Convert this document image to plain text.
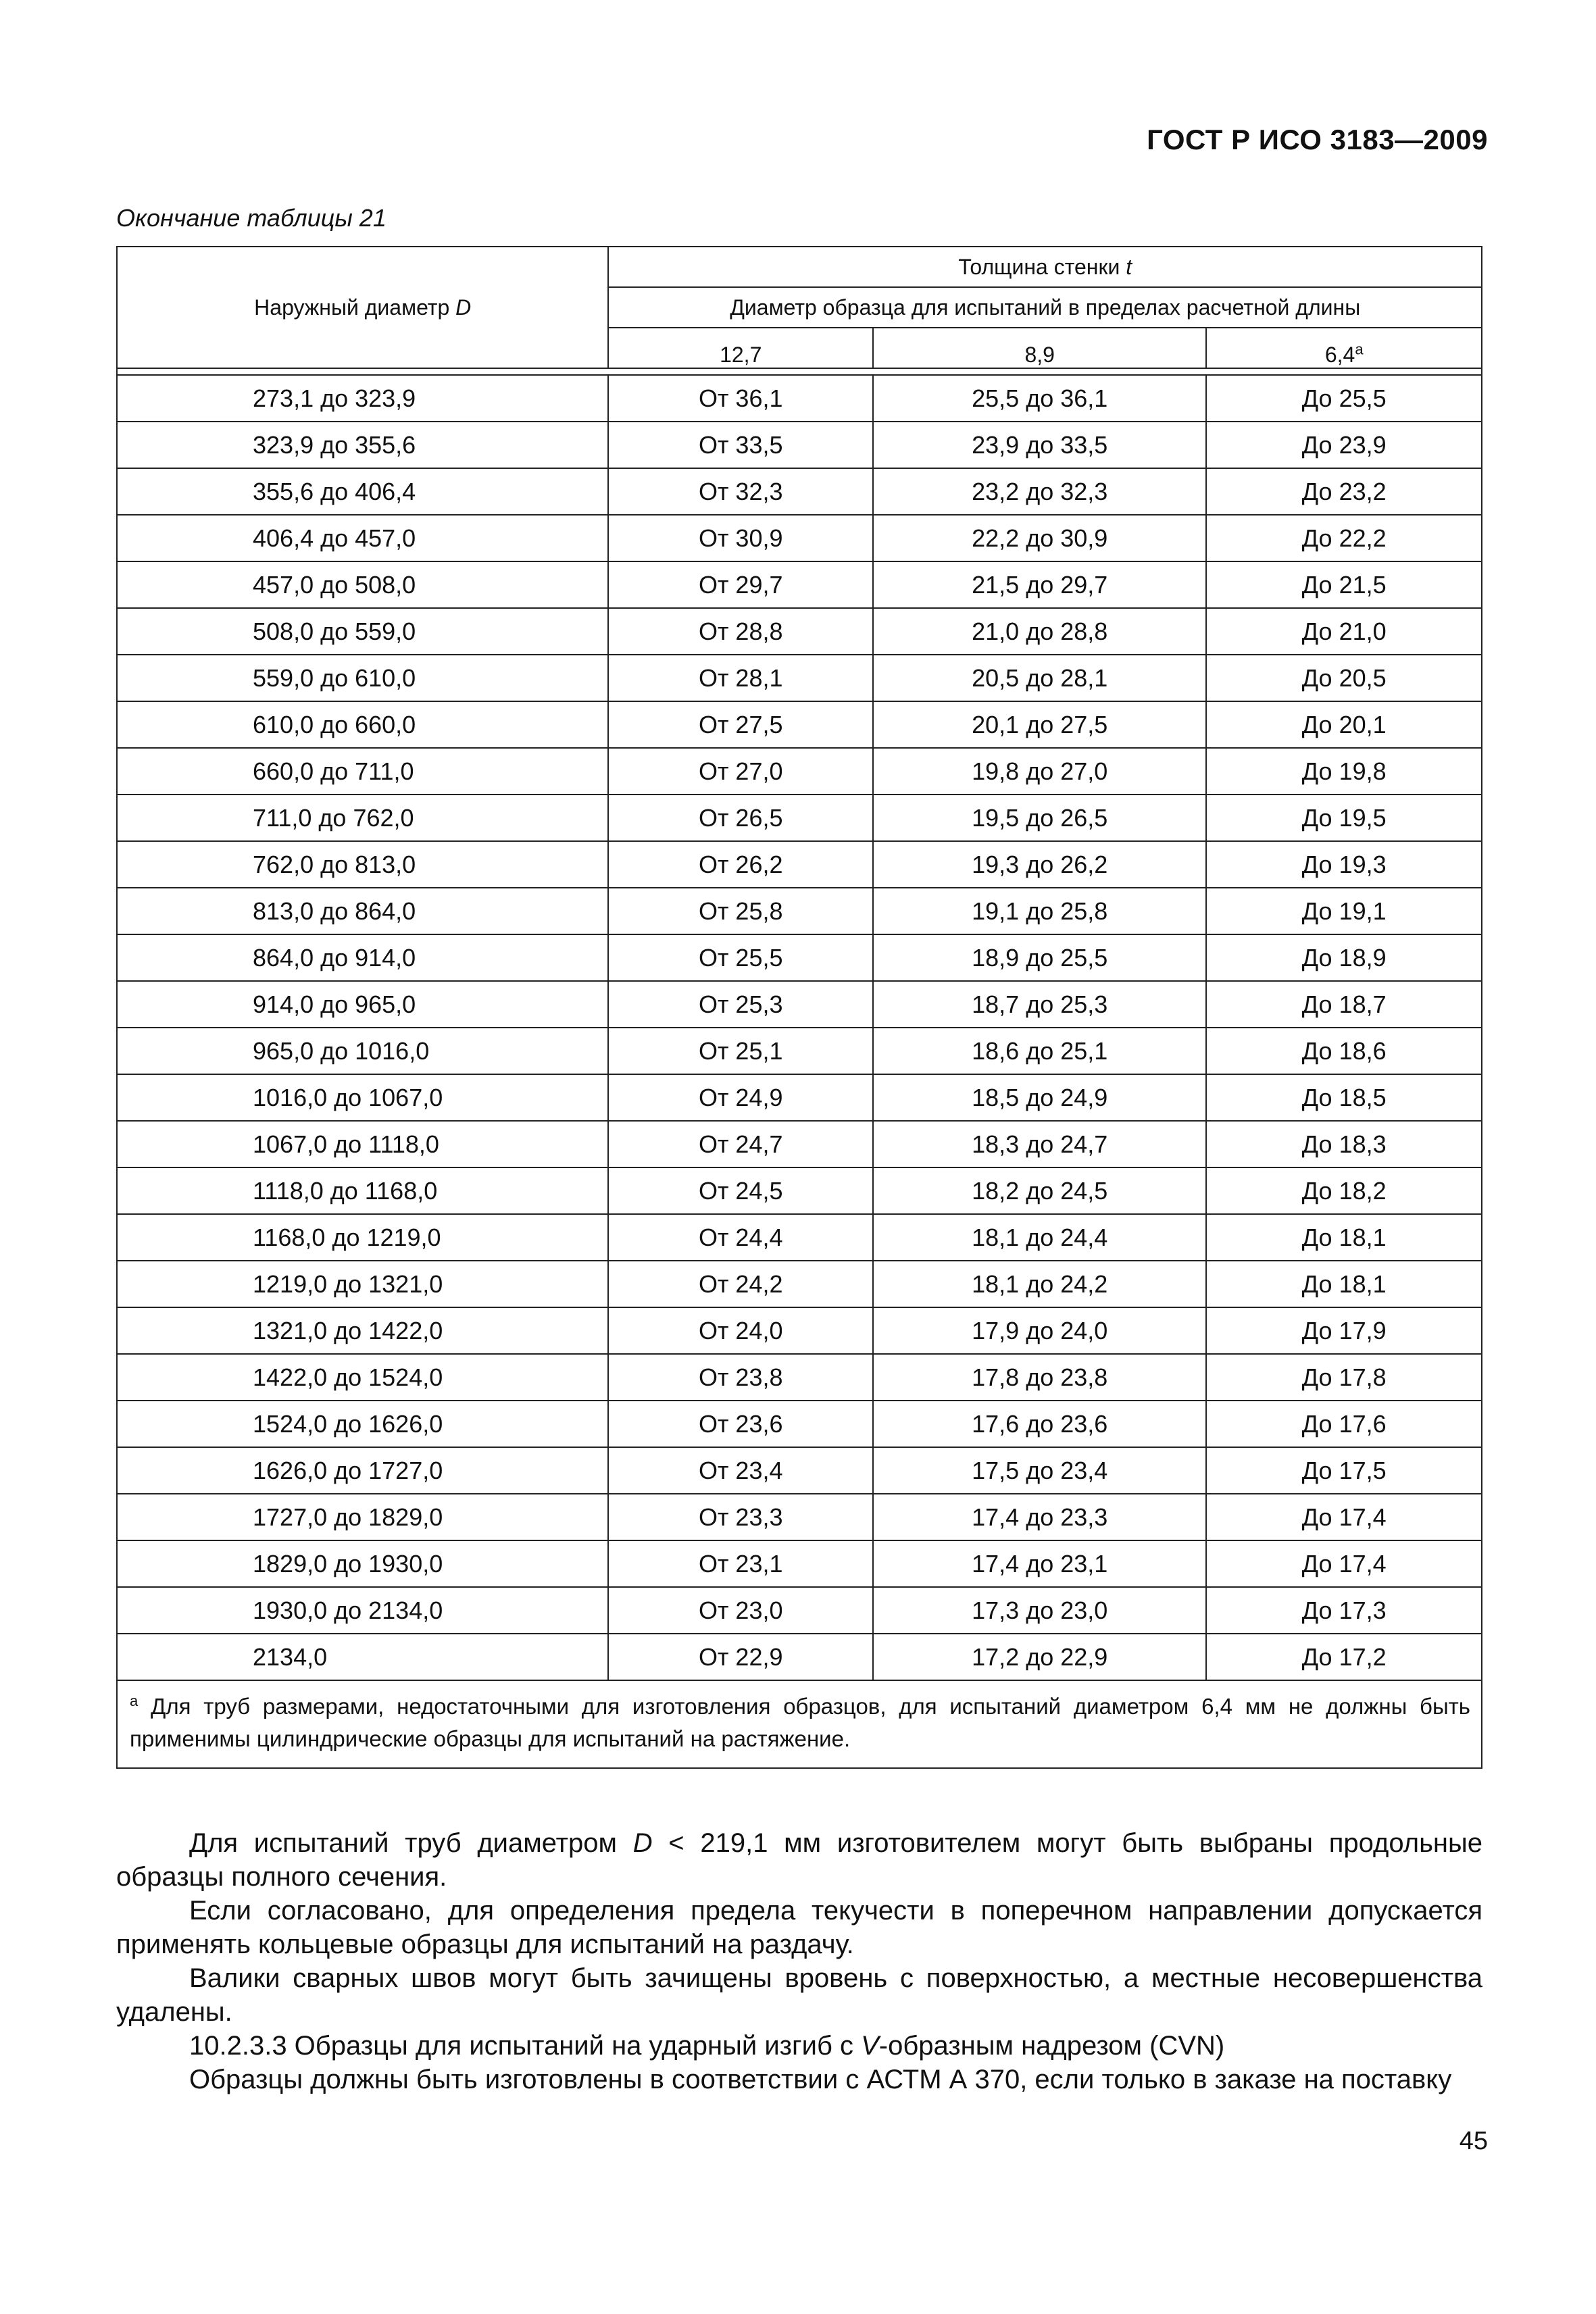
ГОСТ Р ИСО 3183—2009
Окончание таблицы 21
Наружный диаметр D	Толщина стенки t		
	Диаметр образца для испытаний в пределах расчетной длины		
	12,7	8,9	6,4$^a$

273,1 до 323,9	От 36,1	25,5 до 36,1	До 25,5
323,9 до 355,6	От 33,5	23,9 до 33,5	До 23,9
355,6 до 406,4	От 32,3	23,2 до 32,3	До 23,2
406,4 до 457,0	От 30,9	22,2 до 30,9	До 22,2
457,0 до 508,0	От 29,7	21,5 до 29,7	До 21,5
508,0 до 559,0	От 28,8	21,0 до 28,8	До 21,0
559,0 до 610,0	От 28,1	20,5 до 28,1	До 20,5
610,0 до 660,0	От 27,5	20,1 до 27,5	До 20,1
660,0 до 711,0	От 27,0	19,8 до 27,0	До 19,8
711,0 до 762,0	От 26,5	19,5 до 26,5	До 19,5
762,0 до 813,0	От 26,2	19,3 до 26,2	До 19,3
813,0 до 864,0	От 25,8	19,1 до 25,8	До 19,1
864,0 до 914,0	От 25,5	18,9 до 25,5	До 18,9
914,0 до 965,0	От 25,3	18,7 до 25,3	До 18,7
965,0 до 1016,0	От 25,1	18,6 до 25,1	До 18,6
1016,0 до 1067,0	От 24,9	18,5 до 24,9	До 18,5
1067,0 до 1118,0	От 24,7	18,3 до 24,7	До 18,3
1118,0 до 1168,0	От 24,5	18,2 до 24,5	До 18,2
1168,0 до 1219,0	От 24,4	18,1 до 24,4	До 18,1
1219,0 до 1321,0	От 24,2	18,1 до 24,2	До 18,1
1321,0 до 1422,0	От 24,0	17,9 до 24,0	До 17,9
1422,0 до 1524,0	От 23,8	17,8 до 23,8	До 17,8
1524,0 до 1626,0	От 23,6	17,6 до 23,6	До 17,6
1626,0 до 1727,0	От 23,4	17,5 до 23,4	До 17,5
1727,0 до 1829,0	От 23,3	17,4 до 23,3	До 17,4
1829,0 до 1930,0	От 23,1	17,4 до 23,1	До 17,4
1930,0 до 2134,0	От 23,0	17,3 до 23,0	До 17,3
2134,0	От 22,9	17,2 до 22,9	До 17,2
$^a$ Для труб размерами, недостаточными для изготовления образцов, для испытаний диаметром 6,4 мм не должны быть применимы цилиндрические образцы для испытаний на растяжение.			

Для испытаний труб диаметром D < 219,1 мм изготовителем могут быть выбраны продольные образцы полного сечения.

Если согласовано, для определения предела текучести в поперечном направлении допускается применять кольцевые образцы для испытаний на раздачу.

Валики сварных швов могут быть зачищены вровень с поверхностью, а местные несовершенства удалены.

10.2.3.3 Образцы для испытаний на ударный изгиб с V-образным надрезом (CVN)

Образцы должны быть изготовлены в соответствии с АСТМ А 370, если только в заказе на поставку

45
